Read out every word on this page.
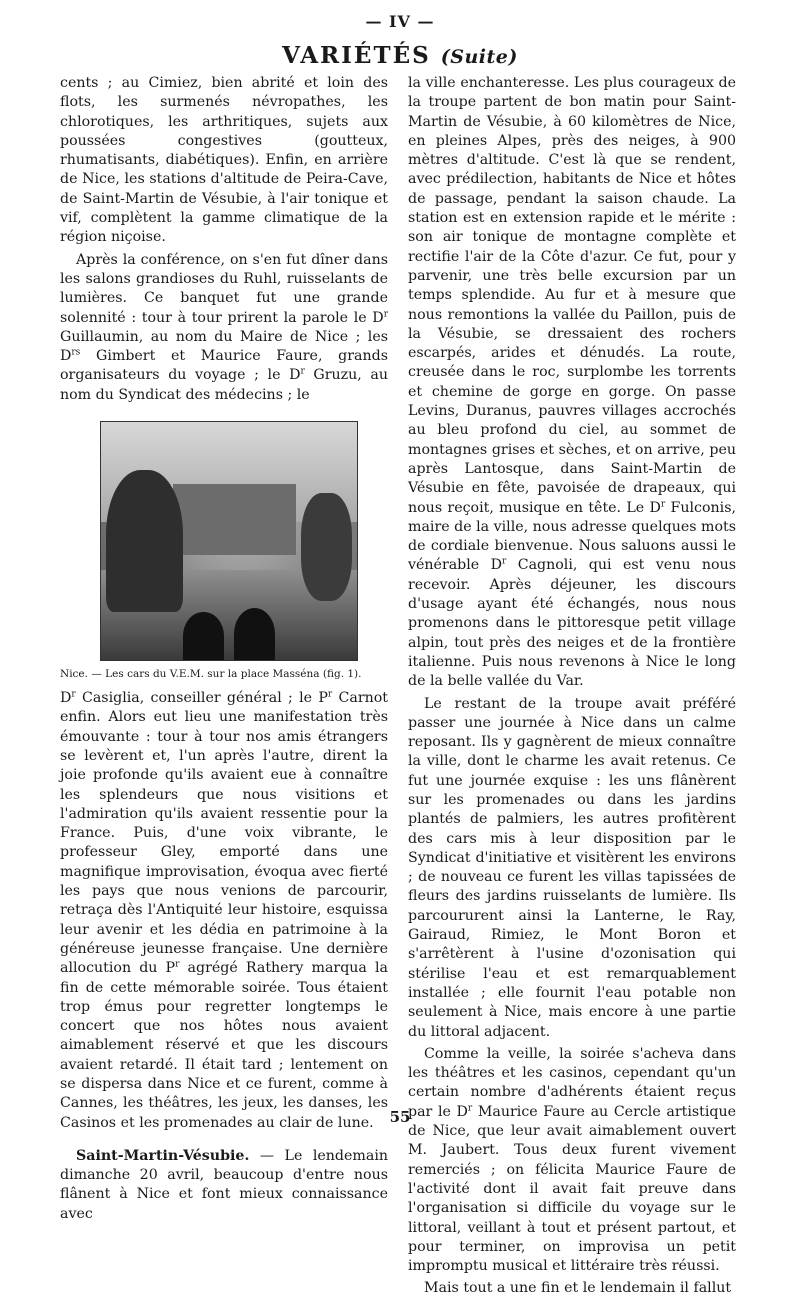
— IV —
VARIÉTÉS (Suite)

cents ; au Cimiez, bien abrité et loin des flots, les surmenés névropathes, les chlorotiques, les arthritiques, sujets aux poussées congestives (goutteux, rhumatisants, diabétiques). Enfin, en arrière de Nice, les stations d'altitude de Peira-Cave, de Saint-Martin de Vésubie, à l'air tonique et vif, complètent la gamme climatique de la région niçoise.

Après la conférence, on s'en fut dîner dans les salons grandioses du Ruhl, ruisselants de lumières. Ce banquet fut une grande solennité : tour à tour prirent la parole le $D^r$ Guillaumin, au nom du Maire de Nice ; les $D^{rs}$ Gimbert et Maurice Faure, grands organisateurs du voyage ; le $D^r$ Gruzu, au nom du Syndicat des médecins ; le

Nice. — Les cars du V.E.M. sur la place Masséna (fig. 1).

$D^r$ Casiglia, conseiller général ; le $P^r$ Carnot enfin. Alors eut lieu une manifestation très émouvante : tour à tour nos amis étrangers se levèrent et, l'un après l'autre, dirent la joie profonde qu'ils avaient eue à connaître les splendeurs que nous visitions et l'admiration qu'ils avaient ressentie pour la France. Puis, d'une voix vibrante, le professeur Gley, emporté dans une magnifique improvisation, évoqua avec fierté les pays que nous venions de parcourir, retraça dès l'Antiquité leur histoire, esquissa leur avenir et les dédia en patrimoine à la généreuse jeunesse française. Une dernière allocution du $P^r$ agrégé Rathery marqua la fin de cette mémorable soirée. Tous étaient trop émus pour regretter longtemps le concert que nos hôtes nous avaient aimablement réservé et que les discours avaient retardé. Il était tard ; lentement on se dispersa dans Nice et ce furent, comme à Cannes, les théâtres, les jeux, les danses, les Casinos et les promenades au clair de lune.

Saint-Martin-Vésubie. — Le lendemain dimanche 20 avril, beaucoup d'entre nous flânent à Nice et font mieux connaissance avec

la ville enchanteresse. Les plus courageux de la troupe partent de bon matin pour Saint-Martin de Vésubie, à 60 kilomètres de Nice, en pleines Alpes, près des neiges, à 900 mètres d'altitude. C'est là que se rendent, avec prédilection, habitants de Nice et hôtes de passage, pendant la saison chaude. La station est en extension rapide et le mérite : son air tonique de montagne complète et rectifie l'air de la Côte d'azur. Ce fut, pour y parvenir, une très belle excursion par un temps splendide. Au fur et à mesure que nous remontions la vallée du Paillon, puis de la Vésubie, se dressaient des rochers escarpés, arides et dénudés. La route, creusée dans le roc, surplombe les torrents et chemine de gorge en gorge. On passe Levins, Duranus, pauvres villages accrochés au bleu profond du ciel, au sommet de montagnes grises et sèches, et on arrive, peu après Lantosque, dans Saint-Martin de Vésubie en fête, pavoisée de drapeaux, qui nous reçoit, musique en tête. Le $D^r$ Fulconis, maire de la ville, nous adresse quelques mots de cordiale bienvenue. Nous saluons aussi le vénérable $D^r$ Cagnoli, qui est venu nous recevoir. Après déjeuner, les discours d'usage ayant été échangés, nous nous promenons dans le pittoresque petit village alpin, tout près des neiges et de la frontière italienne. Puis nous revenons à Nice le long de la belle vallée du Var.

Le restant de la troupe avait préféré passer une journée à Nice dans un calme reposant. Ils y gagnèrent de mieux connaître la ville, dont le charme les avait retenus. Ce fut une journée exquise : les uns flânèrent sur les promenades ou dans les jardins plantés de palmiers, les autres profitèrent des cars mis à leur disposition par le Syndicat d'initiative et visitèrent les environs ; de nouveau ce furent les villas tapissées de fleurs des jardins ruisselants de lumière. Ils parcoururent ainsi la Lanterne, le Ray, Gairaud, Rimiez, le Mont Boron et s'arrêtèrent à l'usine d'ozonisation qui stérilise l'eau et est remarquablement installée ; elle fournit l'eau potable non seulement à Nice, mais encore à une partie du littoral adjacent.

Comme la veille, la soirée s'acheva dans les théâtres et les casinos, cependant qu'un certain nombre d'adhérents étaient reçus par le $D^r$ Maurice Faure au Cercle artistique de Nice, que leur avait aimablement ouvert M. Jaubert. Tous deux furent vivement remerciés ; on félicita Maurice Faure de l'activité dont il avait fait preuve dans l'organisation si difficile du voyage sur le littoral, veillant à tout et présent partout, et pour terminer, on improvisa un petit impromptu musical et littéraire très réussi.

Mais tout a une fin et le lendemain il fallut

55
